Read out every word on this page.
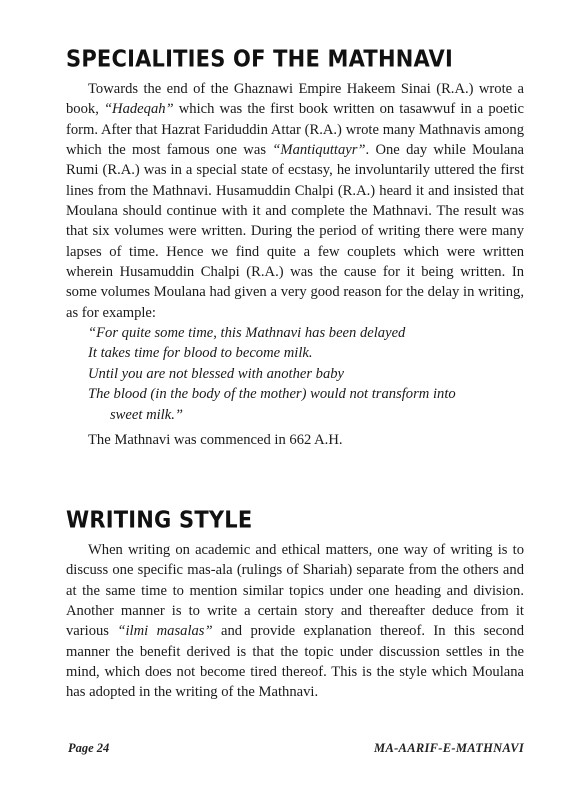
SPECIALITIES OF THE MATHNAVI

Towards the end of the Ghaznawi Empire Hakeem Sinai (R.A.) wrote a book, “Hadeqah” which was the first book written on tasawwuf in a poetic form. After that Hazrat Fariduddin Attar (R.A.) wrote many Mathnavis among which the most famous one was “Mantiquttayr”. One day while Moulana Rumi (R.A.) was in a special state of ecstasy, he involuntarily uttered the first lines from the Mathnavi. Husamuddin Chalpi (R.A.) heard it and insisted that Moulana should continue with it and complete the Mathnavi. The result was that six volumes were written. During the period of writing there were many lapses of time. Hence we find quite a few couplets which were written wherein Husamuddin Chalpi (R.A.) was the cause for it being written. In some volumes Moulana had given a very good reason for the delay in writing, as for example:

“For quite some time, this Mathnavi has been delayed
It takes time for blood to become milk.
Until you are not blessed with another baby
The blood (in the body of the mother) would not transform into
sweet milk.”

The Mathnavi was commenced in 662 A.H.

WRITING STYLE

When writing on academic and ethical matters, one way of writing is to discuss one specific mas-ala (rulings of Shariah) separate from the others and at the same time to mention similar topics under one heading and division. Another manner is to write a certain story and thereafter deduce from it various “ilmi masalas” and provide explanation thereof. In this second manner the benefit derived is that the topic under discussion settles in the mind, which does not become tired thereof. This is the style which Moulana has adopted in the writing of the Mathnavi.

Page 24	MA-AARIF-E-MATHNAVI
